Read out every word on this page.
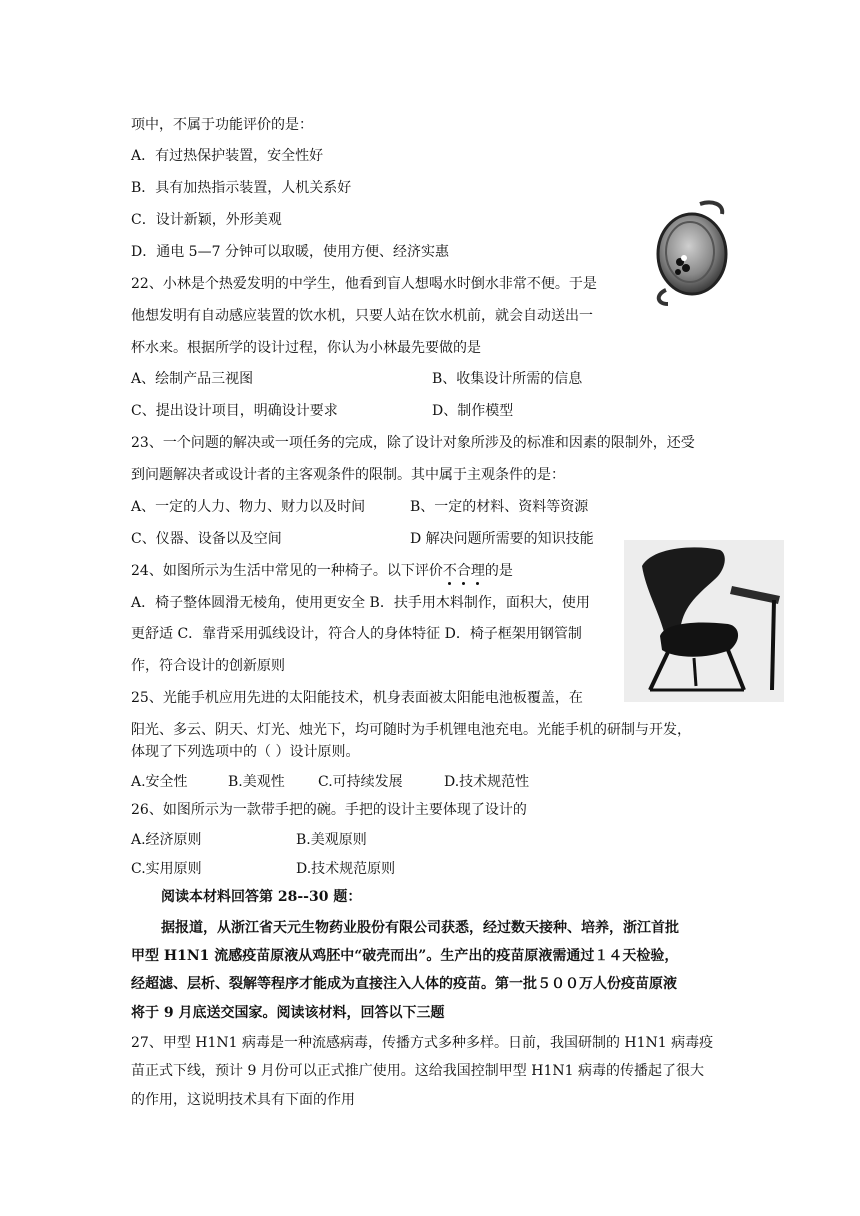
项中，不属于功能评价的是：
A．有过热保护装置，安全性好
B．具有加热指示装置，人机关系好
C．设计新颖，外形美观
D．通电 5—7 分钟可以取暖，使用方便、经济实惠
22、小林是个热爱发明的中学生，他看到盲人想喝水时倒水非常不便。于是
他想发明有自动感应装置的饮水机，只要人站在饮水机前，就会自动送出一
杯水来。根据所学的设计过程，你认为小林最先要做的是
A、绘制产品三视图	B、收集设计所需的信息
C、提出设计项目，明确设计要求	D、制作模型
23、一个问题的解决或一项任务的完成，除了设计对象所涉及的标准和因素的限制外，还受
到问题解决者或设计者的主客观条件的限制。其中属于主观条件的是：
A、一定的人力、物力、财力以及时间	B、一定的材料、资料等资源
C、仪器、设备以及空间	D 解决问题所需要的知识技能
24、如图所示为生活中常见的一种椅子。以下评价不合理的是
A．椅子整体圆滑无棱角，使用更安全 B．扶手用木料制作，面积大，使用
更舒适 C．靠背采用弧线设计，符合人的身体特征 D．椅子框架用钢管制
作，符合设计的创新原则
25、光能手机应用先进的太阳能技术，机身表面被太阳能电池板覆盖，在
阳光、多云、阴天、灯光、烛光下，均可随时为手机锂电池充电。光能手机的研制与开发，
体现了下列选项中的（ ）设计原则。
A.安全性	B.美观性 C.可持续发展	D.技术规范性
26、如图所示为一款带手把的碗。手把的设计主要体现了设计的
A.经济原则	B.美观原则
C.实用原则	D.技术规范原则
阅读本材料回答第 28--30 题：
据报道，从浙江省天元生物药业股份有限公司获悉，经过数天接种、培养，浙江首批
甲型 H1N1 流感疫苗原液从鸡胚中“破壳而出”。生产出的疫苗原液需通过１４天检验，
经超滤、层析、裂解等程序才能成为直接注入人体的疫苗。第一批５００万人份疫苗原液
将于 9 月底送交国家。阅读该材料，回答以下三题
27、甲型 H1N1 病毒是一种流感病毒，传播方式多种多样。日前，我国研制的 H1N1 病毒疫
苗正式下线，预计 9 月份可以正式推广使用。这给我国控制甲型 H1N1 病毒的传播起了很大
的作用，这说明技术具有下面的作用
